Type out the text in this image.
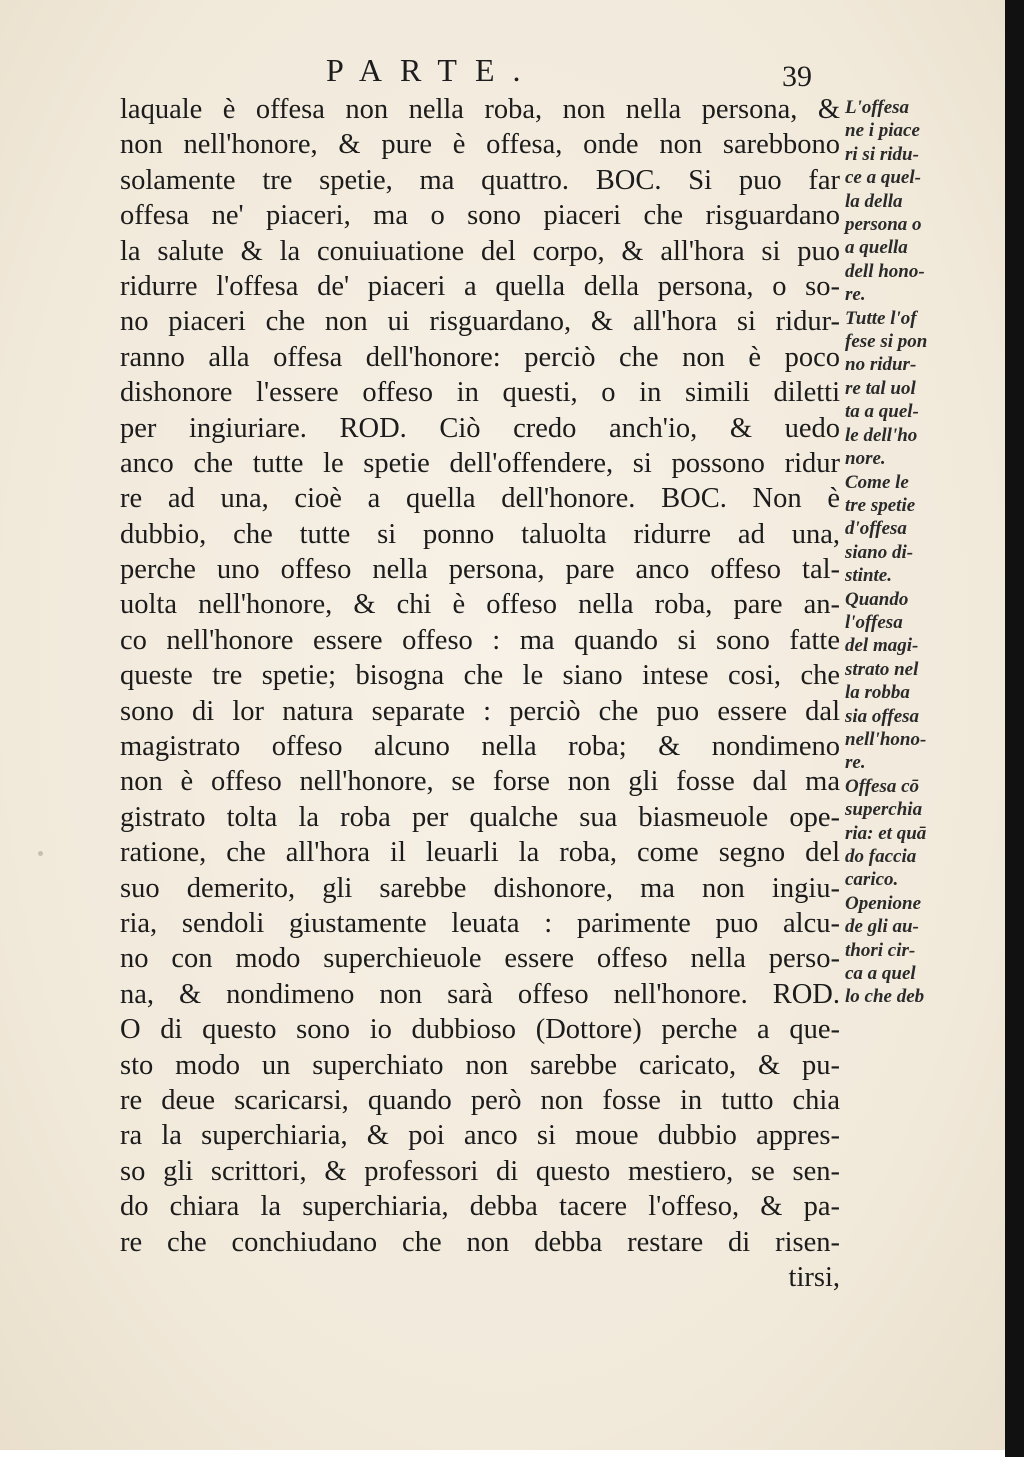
PARTE.	39
laquale è offesa non nella roba, non nella persona, &
non nell'honore, & pure è offesa, onde non sarebbono
solamente tre spetie, ma quattro. BOC. Si puo far
offesa ne' piaceri, ma o sono piaceri che risguardano
la salute & la conuiuatione del corpo, & all'hora si puo
ridurre l'offesa de' piaceri a quella della persona, o so-
no piaceri che non ui risguardano, & all'hora si ridur-
ranno alla offesa dell'honore: perciò che non è poco
dishonore l'essere offeso in questi, o in simili diletti
per ingiuriare. ROD. Ciò credo anch'io, & uedo
anco che tutte le spetie dell'offendere, si possono ridur
re ad una, cioè a quella dell'honore. BOC. Non è
dubbio, che tutte si ponno taluolta ridurre ad una,
perche uno offeso nella persona, pare anco offeso tal-
uolta nell'honore, & chi è offeso nella roba, pare an-
co nell'honore essere offeso : ma quando si sono fatte
queste tre spetie; bisogna che le siano intese cosi, che
sono di lor natura separate : perciò che puo essere dal
magistrato offeso alcuno nella roba; & nondimeno
non è offeso nell'honore, se forse non gli fosse dal ma
gistrato tolta la roba per qualche sua biasmeuole ope-
ratione, che all'hora il leuarli la roba, come segno del
suo demerito, gli sarebbe dishonore, ma non ingiu-
ria, sendoli giustamente leuata : parimente puo alcu-
no con modo superchieuole essere offeso nella perso-
na, & nondimeno non sarà offeso nell'honore. ROD.
O di questo sono io dubbioso (Dottore) perche a que-
sto modo un superchiato non sarebbe caricato, & pu-
re deue scaricarsi, quando però non fosse in tutto chia
ra la superchiaria, & poi anco si moue dubbio appres-
so gli scrittori, & professori di questo mestiero, se sen-
do chiara la superchiaria, debba tacere l'offeso, & pa-
re che conchiudano che non debba restare di risen-
tirsi,
L'offesa
ne i piace
ri si ridu-
ce a quel-
la della
persona o
a quella
dell hono-
re.
Tutte l'of
fese si pon
no ridur-
re tal uol
ta a quel-
le dell'ho
nore.
Come le
tre spetie
d'offesa
siano di-
stinte.
Quando
l'offesa
del magi-
strato nel
la robba
sia offesa
nell'hono-
re.
Offesa cō
superchia
ria: et quā
do faccia
carico.
Openione
de gli au-
thori cir-
ca a quel
lo che deb
